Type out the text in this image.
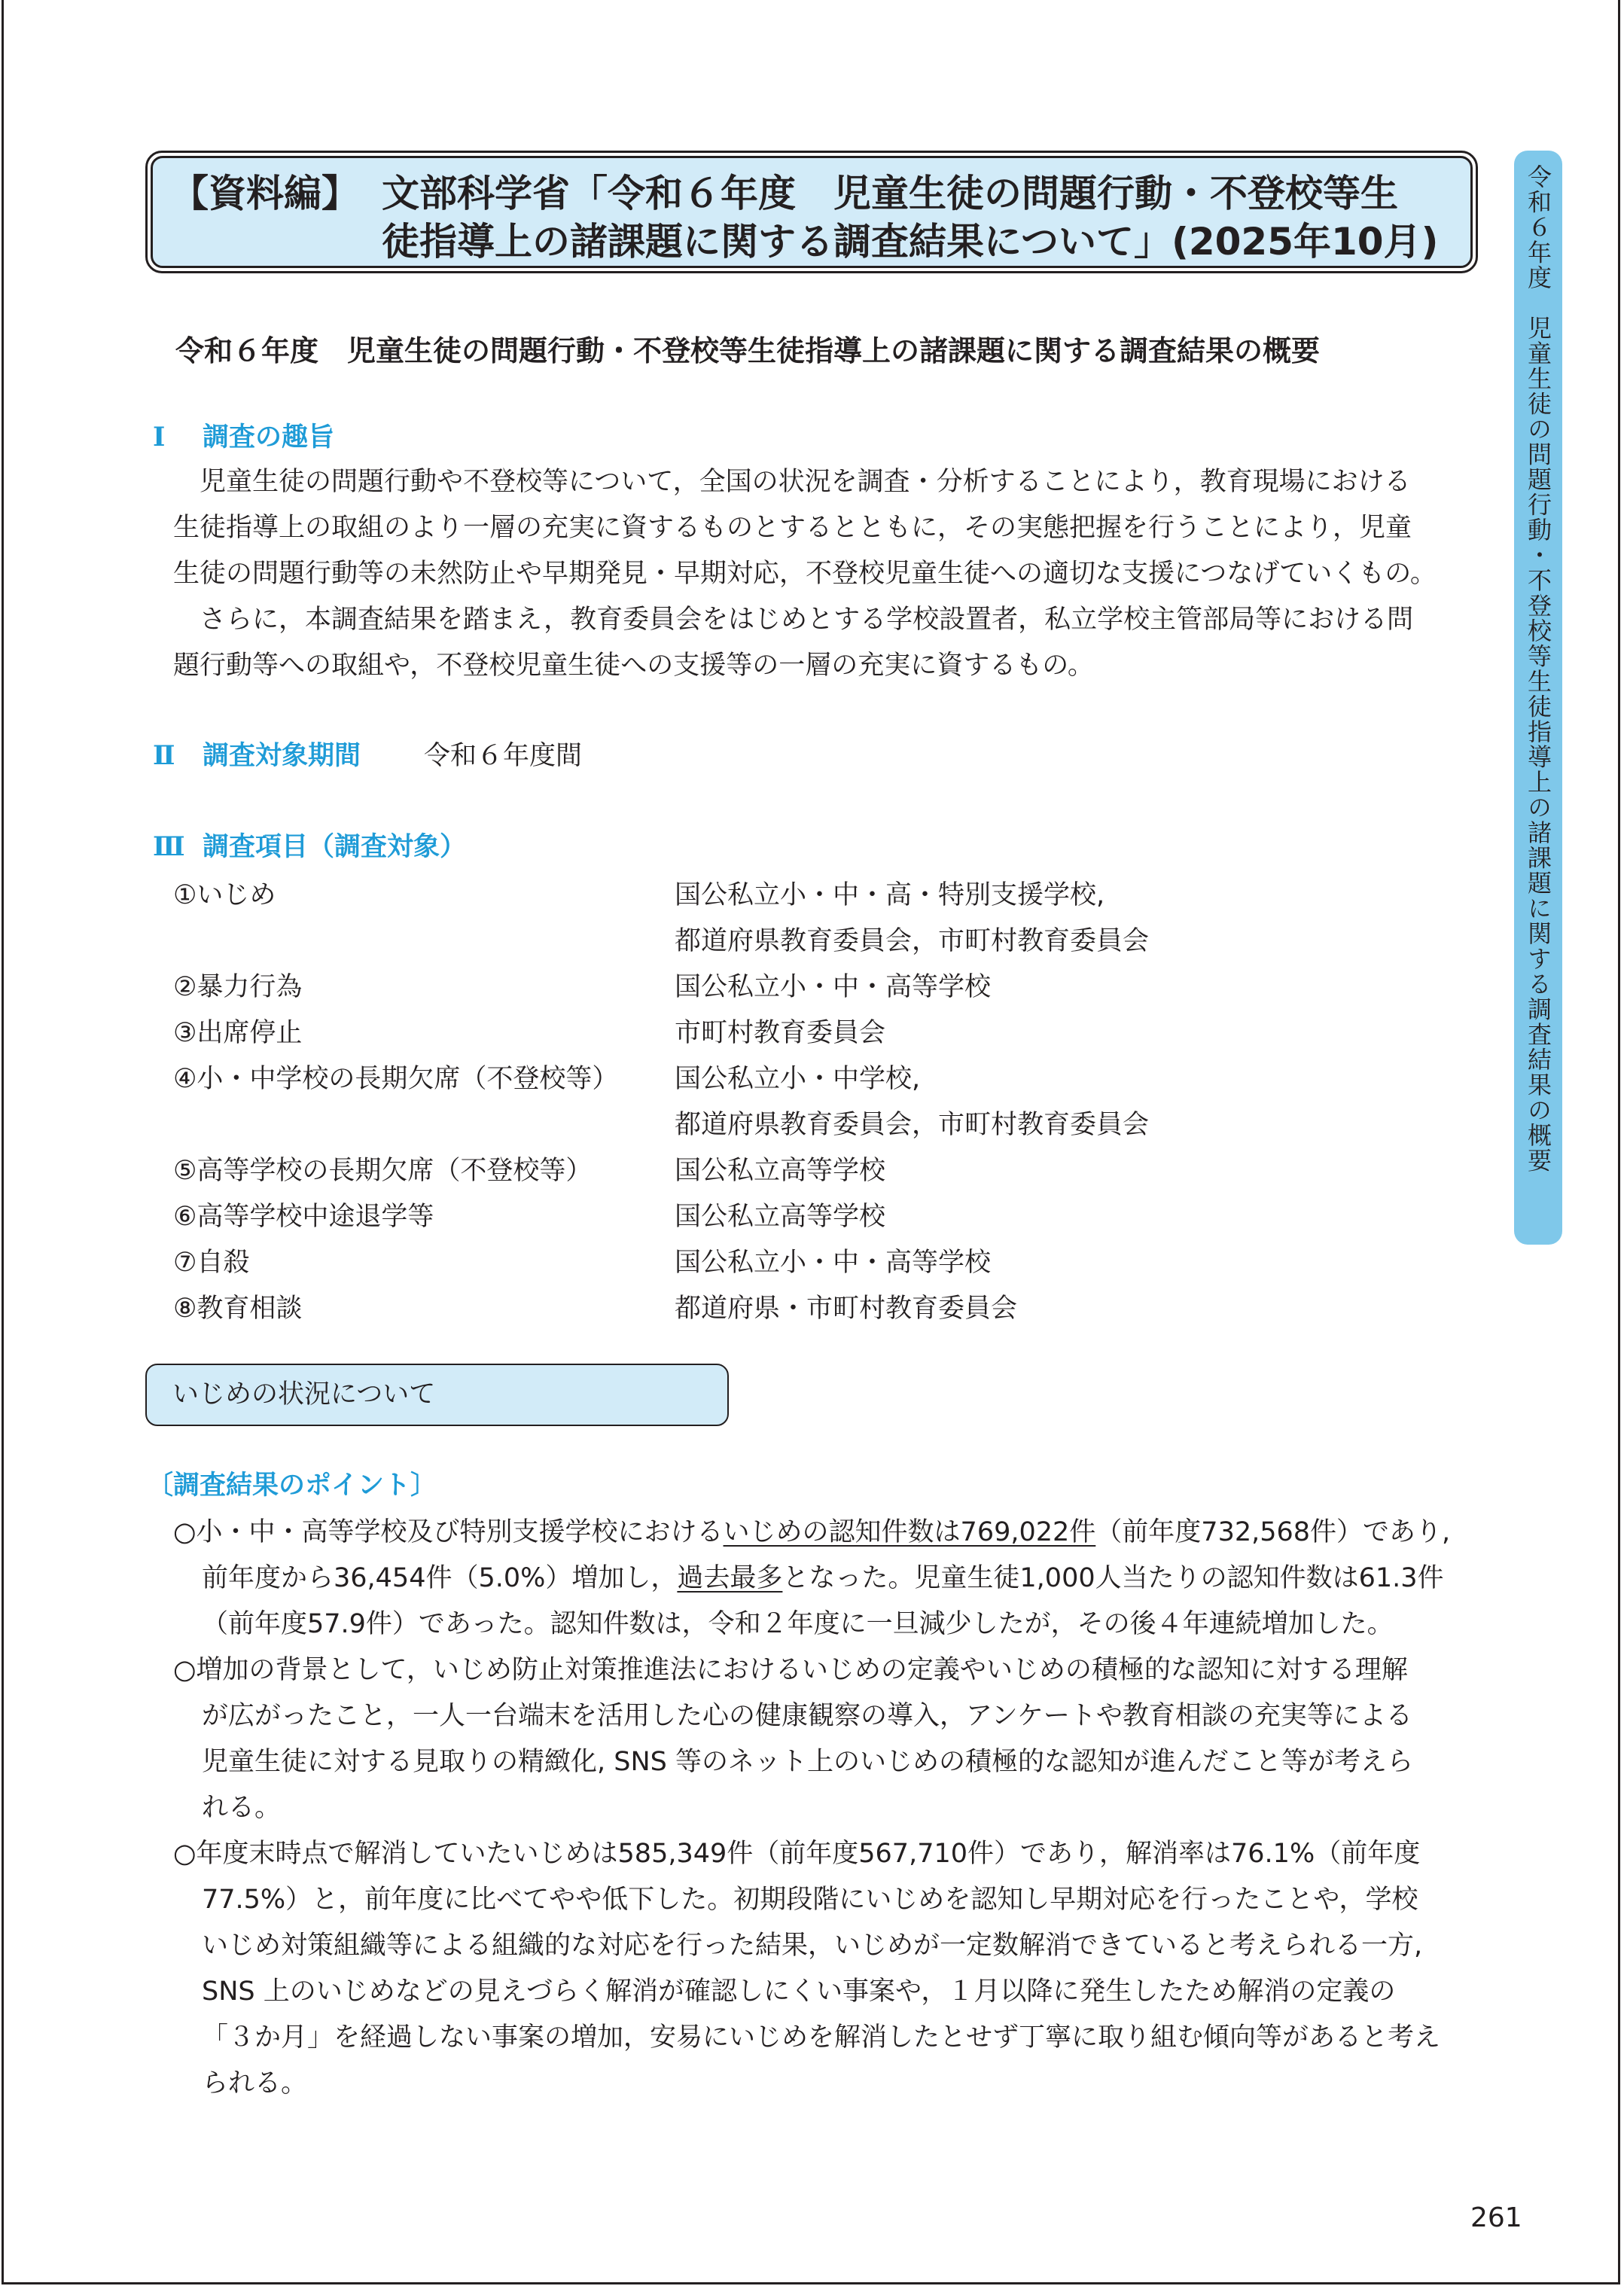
【資料編】 文部科学省「令和６年度　児童生徒の問題行動・不登校等生
徒指導上の諸課題に関する調査結果について」(2025年10月)	令和６年度　児童生徒の問題行動・不登校等生徒指導上の諸課題に関する調査結果の概要
令和６年度　児童生徒の問題行動・不登校等生徒指導上の諸課題に関する調査結果の概要
Ⅰ 調査の趣旨
　児童生徒の問題行動や不登校等について，全国の状況を調査・分析することにより，教育現場における
生徒指導上の取組のより一層の充実に資するものとするとともに，その実態把握を行うことにより，児童
生徒の問題行動等の未然防止や早期発見・早期対応，不登校児童生徒への適切な支援につなげていくもの。
　さらに，本調査結果を踏まえ，教育委員会をはじめとする学校設置者，私立学校主管部局等における問
題行動等への取組や，不登校児童生徒への支援等の一層の充実に資するもの。
Ⅱ 調査対象期間 令和６年度間
Ⅲ 調査項目（調査対象）
①いじめ	国公私立小・中・高・特別支援学校,
都道府県教育委員会，市町村教育委員会
②暴力行為	国公私立小・中・高等学校
③出席停止	市町村教育委員会
④小・中学校の長期欠席（不登校等） 国公私立小・中学校,
都道府県教育委員会，市町村教育委員会
⑤高等学校の長期欠席（不登校等）	国公私立高等学校
⑥高等学校中途退学等	国公私立高等学校
⑦自殺	国公私立小・中・高等学校
⑧教育相談	都道府県・市町村教育委員会
いじめの状況について
〔調査結果のポイント〕
○小・中・高等学校及び特別支援学校におけるいじめの認知件数は769,022件（前年度732,568件）であり,
前年度から36,454件（5.0%）増加し，過去最多となった。児童生徒1,000人当たりの認知件数は61.3件
（前年度57.9件）であった。認知件数は，令和２年度に一旦減少したが，その後４年連続増加した。
○増加の背景として，いじめ防止対策推進法におけるいじめの定義やいじめの積極的な認知に対する理解
が広がったこと，一人一台端末を活用した心の健康観察の導入，アンケートや教育相談の充実等による
児童生徒に対する見取りの精緻化, SNS 等のネット上のいじめの積極的な認知が進んだこと等が考えら
れる。
○年度末時点で解消していたいじめは585,349件（前年度567,710件）であり，解消率は76.1%（前年度
77.5%）と，前年度に比べてやや低下した。初期段階にいじめを認知し早期対応を行ったことや，学校
いじめ対策組織等による組織的な対応を行った結果，いじめが一定数解消できていると考えられる一方,
SNS 上のいじめなどの見えづらく解消が確認しにくい事案や，１月以降に発生したため解消の定義の
「３か月」を経過しない事案の増加，安易にいじめを解消したとせず丁寧に取り組む傾向等があると考え
られる。
261
